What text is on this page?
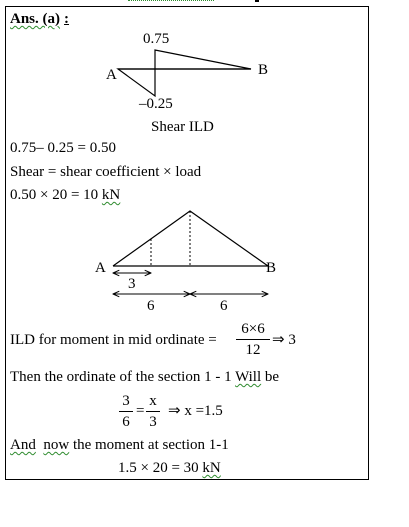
Ans. (a) :
0.75
A	B
–0.25
Shear ILD
0.75– 0.25 = 0.50
Shear = shear coefficient × load
0.50 × 20 = 10 kN
A	B
3
6	6
ILD for moment in mid ordinate =
6×6
12
⇒ 3
Then the ordinate of the section 1 - 1 Will be
3
6
=
x
3
⇒ x =1.5
And now the moment at section 1-1
1.5 × 20 = 30 kN
